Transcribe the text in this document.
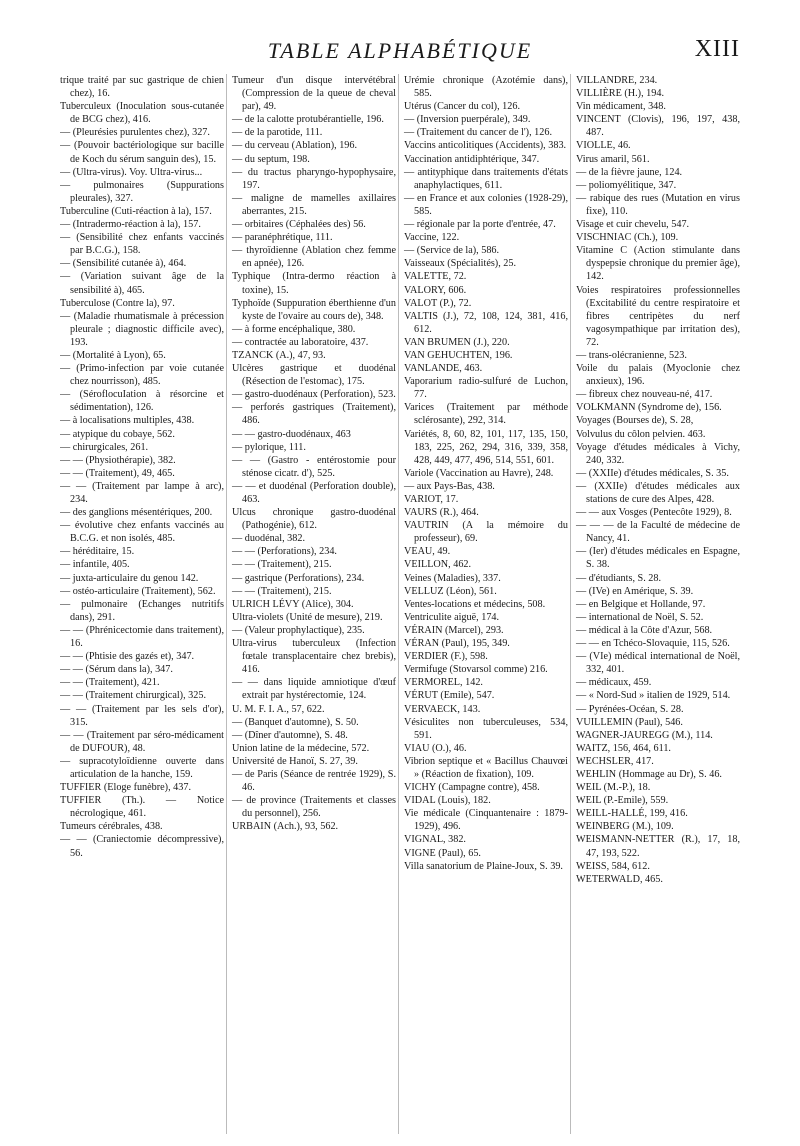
TABLE ALPHABÉTIQUE	XIII

trique traité par suc gastrique de chien chez), 16.

Tuberculeux (Inoculation sous-cutanée de BCG chez), 416.

— (Pleurésies purulentes chez), 327.

— (Pouvoir bactériologique sur bacille de Koch du sérum sanguin des), 15.

— (Ultra-virus). Voy. Ultra-virus...

— pulmonaires (Suppurations pleurales), 327.

Tuberculine (Cuti-réaction à la), 157.

— (Intradermo-réaction à la), 157.

— (Sensibilité chez enfants vaccinés par B.C.G.), 158.

— (Sensibilité cutanée à), 464.

— (Variation suivant âge de la sensibilité à), 465.

Tuberculose (Contre la), 97.

— (Maladie rhumatismale à précession pleurale ; diagnostic difficile avec), 193.

— (Mortalité à Lyon), 65.

— (Primo-infection par voie cutanée chez nourrisson), 485.

— (SéroflocuIation à résorcine et sédimentation), 126.

— à localisations multiples, 438.

— atypique du cobaye, 562.

— chirurgicales, 261.

— — (Physiothérapie), 382.

— — (Traitement), 49, 465.

— — (Traitement par lampe à arc), 234.

— des ganglions mésentériques, 200.

— évolutive chez enfants vaccinés au B.C.G. et non isolés, 485.

— héréditaire, 15.

— infantile, 405.

— juxta-articulaire du genou 142.

— ostéo-articulaire (Traitement), 562.

— pulmonaire (Echanges nutritifs dans), 291.

— — (Phrénicectomie dans traitement), 16.

— — (Phtisie des gazés et), 347.

— — (Sérum dans la), 347.

— — (Traitement), 421.

— — (Traitement chirurgical), 325.

— — (Traitement par les sels d'or), 315.

— — (Traitement par séro-médicament de DUFOUR), 48.

— supracotyloïdienne ouverte dans articulation de la hanche, 159.

TUFFIER (Eloge funèbre), 437.

TUFFIER (Th.). — Notice nécrologique, 461.

Tumeurs cérébrales, 438.

— — (Craniectomie décompressive), 56.

Tumeur d'un disque intervétébral (Compression de la queue de cheval par), 49.

— de la calotte protubérantielle, 196.

— de la parotide, 111.

— du cerveau (Ablation), 196.

— du septum, 198.

— du tractus pharyngo-hypophysaire, 197.

— maligne de mamelles axillaires aberrantes, 215.

— orbitaires (Céphalées des) 56.

— paranéphrétique, 111.

— thyroïdienne (Ablation chez femme en apnée), 126.

Typhique (Intra-dermo réaction à toxine), 15.

Typhoïde (Suppuration éberthienne d'un kyste de l'ovaire au cours de), 348.

— à forme encéphalique, 380.

— contractée au laboratoire, 437.

TZANCK (A.), 47, 93.

Ulcères gastrique et duodénal (Résection de l'estomac), 175.

— gastro-duodénaux (Perforation), 523.

— perforés gastriques (Traitement), 486.

— — gastro-duodénaux, 463

— pylorique, 111.

— — (Gastro - entérostomie pour sténose cicatr. d'), 525.

— — et duodénal (Perforation double), 463.

Ulcus chronique gastro-duodénal (Pathogénie), 612.

— duodénal, 382.

— — (Perforations), 234.

— — (Traitement), 215.

— gastrique (Perforations), 234.

— — (Traitement), 215.

ULRICH LÉVY (Alice), 304.

Ultra-violets (Unité de mesure), 219.

— (Valeur prophylactique), 235.

Ultra-virus tuberculeux (Infection fœtale transplacentaire chez brebis), 416.

— — dans liquide amniotique d'œuf extrait par hystérectomie, 124.

U. M. F. I. A., 57, 622.

— (Banquet d'automne), S. 50.

— (Dîner d'automne), S. 48.

Union latine de la médecine, 572.

Université de Hanoï, S. 27, 39.

— de Paris (Séance de rentrée 1929), S. 46.

— de province (Traitements et classes du personnel), 256.

URBAIN (Ach.), 93, 562.

Urémie chronique (Azotémie dans), 585.

Utérus (Cancer du col), 126.

— (Inversion puerpérale), 349.

— (Traitement du cancer de l'), 126.

Vaccins anticolitiques (Accidents), 383.

Vaccination antidiphtérique, 347.

— antityphique dans traitements d'états anaphylactiques, 611.

— en France et aux colonies (1928-29), 585.

— régionale par la porte d'entrée, 47.

Vaccine, 122.

— (Service de la), 586.

Vaisseaux (Spécialités), 25.

VALETTE, 72.

VALORY, 606.

VALOT (P.), 72.

VALTIS (J.), 72, 108, 124, 381, 416, 612.

VAN BRUMEN (J.), 220.

VAN GEHUCHTEN, 196.

VANLANDE, 463.

Vaporarium radio-sulfuré de Luchon, 77.

Varices (Traitement par méthode sclérosante), 292, 314.

Variétés, 8, 60, 82, 101, 117, 135, 150, 183, 225, 262, 294, 316, 339, 358, 428, 449, 477, 496, 514, 551, 601.

Variole (Vaccination au Havre), 248.

— aux Pays-Bas, 438.

VARIOT, 17.

VAURS (R.), 464.

VAUTRIN (A la mémoire du professeur), 69.

VEAU, 49.

VEILLON, 462.

Veines (Maladies), 337.

VELLUZ (Léon), 561.

Ventes-locations et médecins, 508.

Ventriculite aiguë, 174.

VÉRAIN (Marcel), 293.

VÉRAN (Paul), 195, 349.

VERDIER (F.), 598.

Vermifuge (Stovarsol comme) 216.

VERMOREL, 142.

VÉRUT (Emile), 547.

VERVAECK, 143.

Vésiculites non tuberculeuses, 534, 591.

VIAU (O.), 46.

Vibrion septique et « Bacillus Chauvœi » (Réaction de fixation), 109.

VICHY (Campagne contre), 458.

VIDAL (Louis), 182.

Vie médicale (Cinquantenaire : 1879-1929), 496.

VIGNAL, 382.

VIGNE (Paul), 65.

Villa sanatorium de Plaine-Joux, S. 39.

VILLANDRE, 234.

VILLIÈRE (H.), 194.

Vin médicament, 348.

VINCENT (Clovis), 196, 197, 438, 487.

VIOLLE, 46.

Virus amaril, 561.

— de la fièvre jaune, 124.

— poliomyélitique, 347.

— rabique des rues (Mutation en virus fixe), 110.

Visage et cuir chevelu, 547.

VISCHNIAC (Ch.), 109.

Vitamine C (Action stimulante dans dyspepsie chronique du premier âge), 142.

Voies respiratoires professionnelles (Excitabilité du centre respiratoire et fibres centripètes du nerf vagosympathique par irritation des), 72.

— trans-olécranienne, 523.

Voile du palais (Myoclonie chez anxieux), 196.

— fibreux chez nouveau-né, 417.

VOLKMANN (Syndrome de), 156.

Voyages (Bourses de), S. 28,

Volvulus du côlon pelvien. 463.

Voyage d'études médicales à Vichy, 240, 332.

— (XXIIe) d'études médicales, S. 35.

— (XXIIe) d'études médicales aux stations de cure des Alpes, 428.

— — aux Vosges (Pentecôte 1929), 8.

— — — de la Faculté de médecine de Nancy, 41.

— (Ier) d'études médicales en Espagne, S. 38.

— d'étudiants, S. 28.

— (IVe) en Amérique, S. 39.

— en Belgique et Hollande, 97.

— international de Noël, S. 52.

— médical à la Côte d'Azur, 568.

— — en Tchéco-Slovaquie, 115, 526.

— (VIe) médical international de Noël, 332, 401.

— médicaux, 459.

— « Nord-Sud » italien de 1929, 514.

— Pyrénées-Océan, S. 28.

VUILLEMIN (Paul), 546.

WAGNER-JAUREGG (M.), 114.

WAITZ, 156, 464, 611.

WECHSLER, 417.

WEHLIN (Hommage au Dr), S. 46.

WEIL (M.-P.), 18.

WEIL (P.-Emile), 559.

WEILL-HALLÉ, 199, 416.

WEINBERG (M.), 109.

WEISMANN-NETTER (R.), 17, 18, 47, 193, 522.

WEISS, 584, 612.

WETERWALD, 465.
